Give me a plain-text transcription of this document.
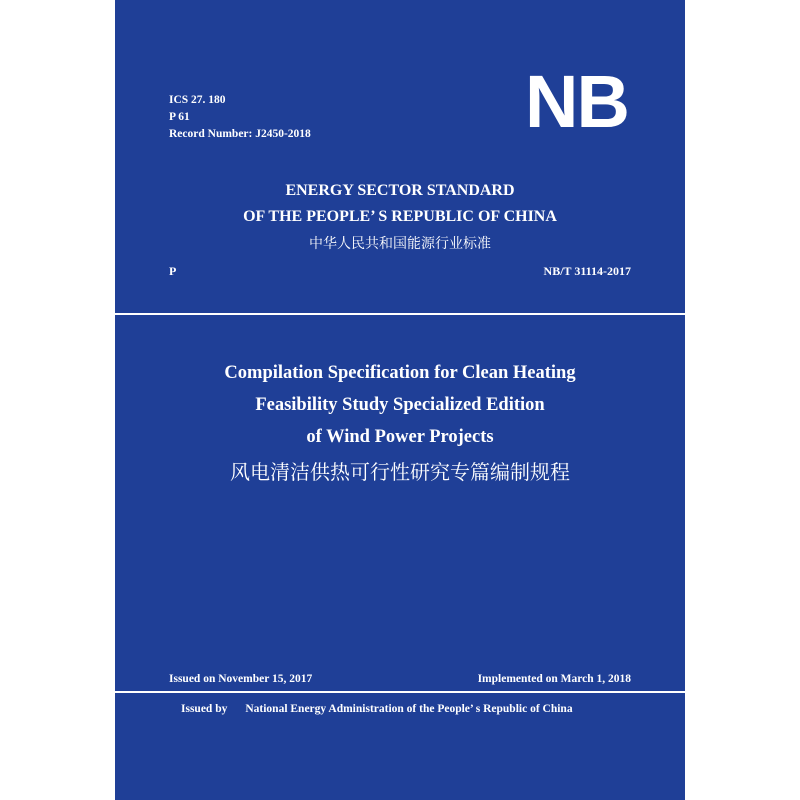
ICS 27. 180
P 61
Record Number: J2450-2018	NB
ENERGY SECTOR STANDARD
OF THE PEOPLE’ S REPUBLIC OF CHINA
中华人民共和国能源行业标准
P	NB/T 31114-2017
Compilation Specification for Clean Heating
Feasibility Study Specialized Edition
of Wind Power Projects
风电清洁供热可行性研究专篇编制规程
Issued on November 15, 2017	Implemented on March 1, 2018
Issued by National Energy Administration of the People’ s Republic of China
